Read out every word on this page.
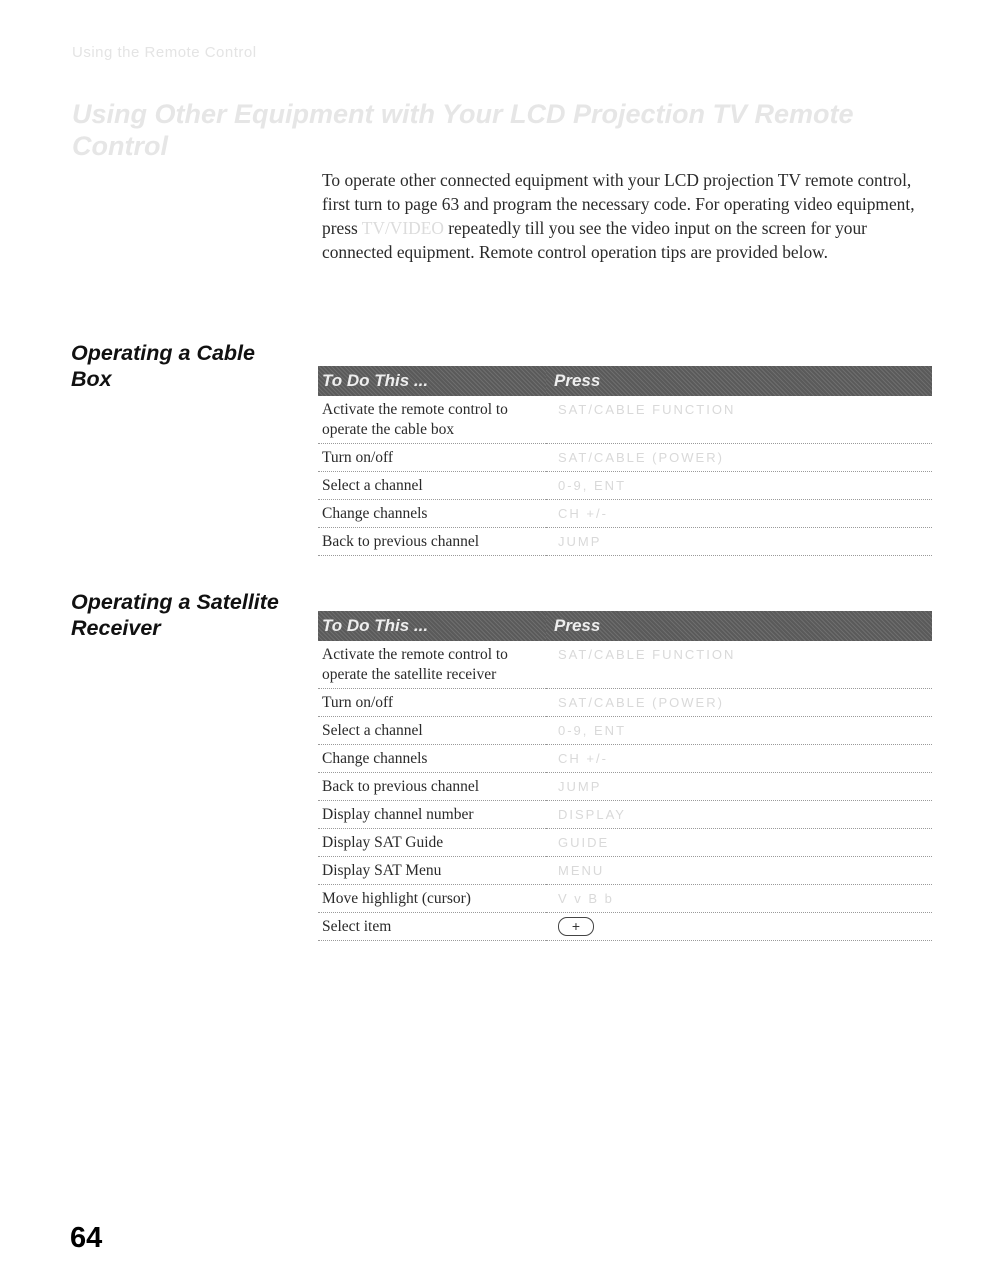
Using the Remote Control
Using Other Equipment with Your LCD Projection TV Remote Control
To operate other connected equipment with your LCD projection TV remote control, first turn to page 63 and program the necessary code. For operating video equipment, press TV/VIDEO repeatedly till you see the video input on the screen for your connected equipment. Remote control operation tips are provided below.
Operating a Cable Box	To Do This ...	Press
Activate the remote control to operate the cable box	SAT/CABLE FUNCTION
Turn on/off	SAT/CABLE (POWER)
Select a channel	0-9, ENT
Change channels	CH +/-
Back to previous channel	JUMP
Operating a Satellite Receiver	To Do This ...	Press
Activate the remote control to operate the satellite receiver	SAT/CABLE FUNCTION
Turn on/off	SAT/CABLE (POWER)
Select a channel	0-9, ENT
Change channels	CH +/-
Back to previous channel	JUMP
Display channel number	DISPLAY
Display SAT Guide	GUIDE
Display SAT Menu	MENU
Move highlight (cursor)	V v B b
Select item	+
64
